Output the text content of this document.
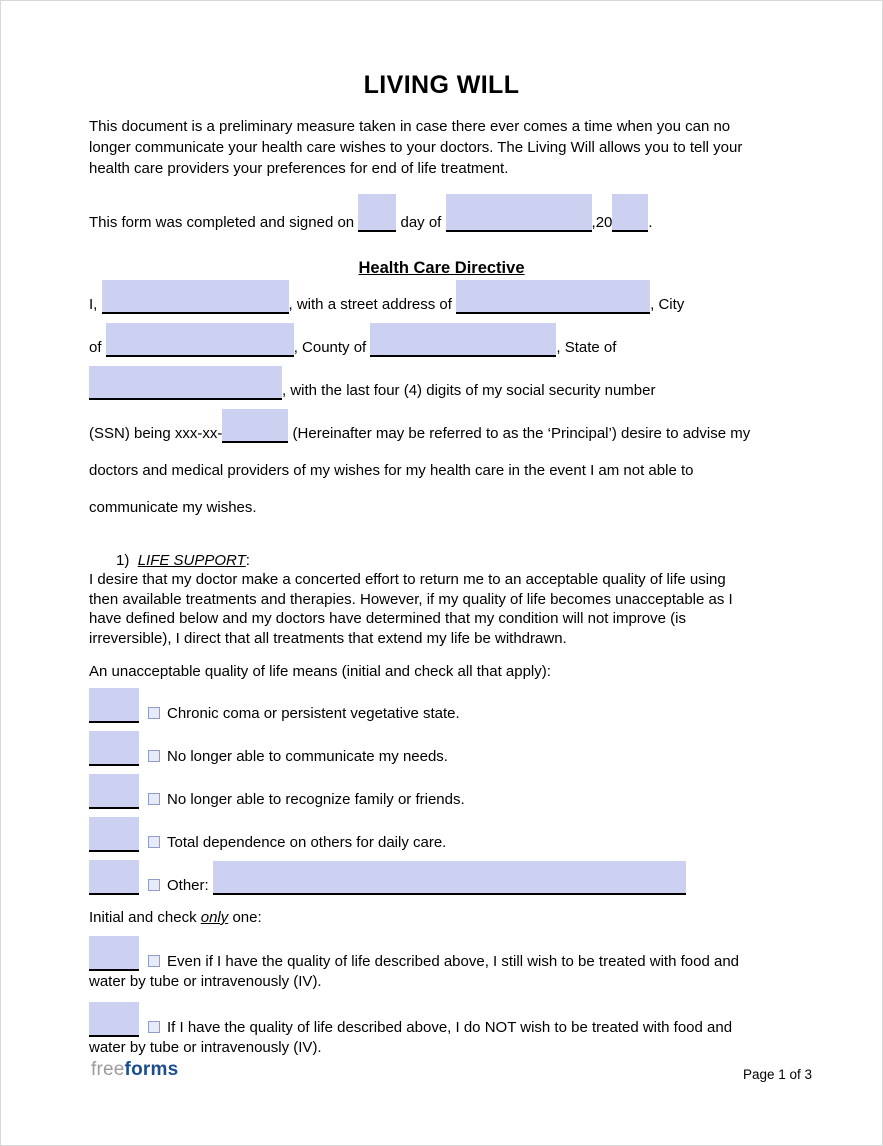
LIVING WILL

This document is a preliminary measure taken in case there ever comes a time when you can no
longer communicate your health care wishes to your doctors. The Living Will allows you to tell your
health care providers your preferences for end of life treatment.

This form was completed and signed on	day of	,20 .

Health Care Directive

I,	, with a street address of	, City
of	, County of	, State of
, with the last four (4) digits of my social security number
(SSN) being xxx-xx-	(Hereinafter may be referred to as the ‘Principal’) desire to advise my
doctors and medical providers of my wishes for my health care in the event I am not able to
communicate my wishes.

1) LIFE SUPPORT:

I desire that my doctor make a concerted effort to return me to an acceptable quality of life using
then available treatments and therapies. However, if my quality of life becomes unacceptable as I
have defined below and my doctors have determined that my condition will not improve (is
irreversible), I direct that all treatments that extend my life be withdrawn.

An unacceptable quality of life means (initial and check all that apply):
Chronic coma or persistent vegetative state.
No longer able to communicate my needs.
No longer able to recognize family or friends.
Total dependence on others for daily care.
Other:
Initial and check only one:
Even if I have the quality of life described above, I still wish to be treated with food and
water by tube or intravenously (IV).
If I have the quality of life described above, I do NOT wish to be treated with food and
water by tube or intravenously (IV).
freeforms	Page 1 of 3
